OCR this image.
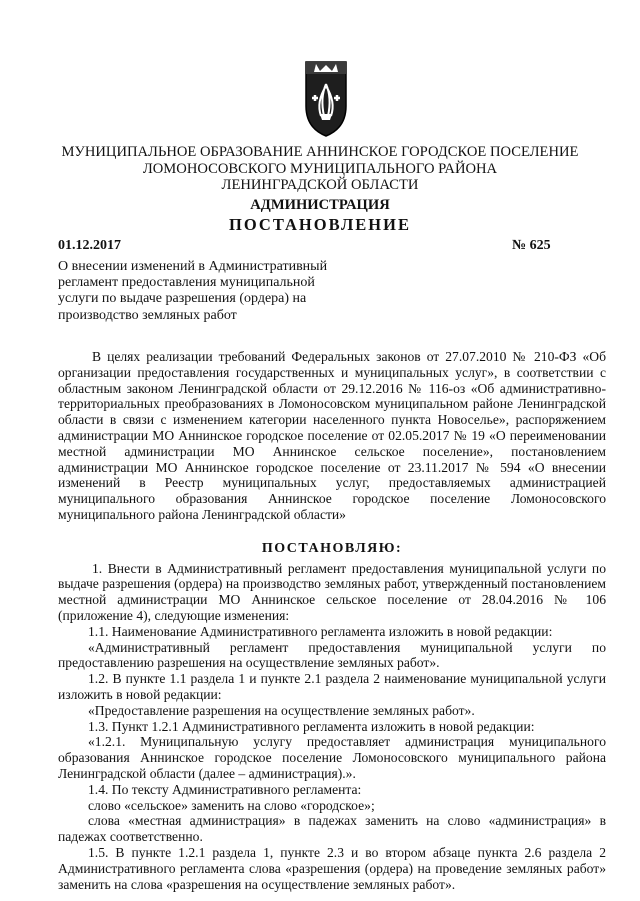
МУНИЦИПАЛЬНОЕ ОБРАЗОВАНИЕ АННИНСКОЕ ГОРОДСКОЕ ПОСЕЛЕНИЕ
ЛОМОНОСОВСКОГО МУНИЦИПАЛЬНОГО РАЙОНА
ЛЕНИНГРАДСКОЙ ОБЛАСТИ
АДМИНИСТРАЦИЯ
ПОСТАНОВЛЕНИЕ
01.12.2017	№ 625
О внесении изменений в Административный регламент предоставления муниципальной услуги по выдаче разрешения (ордера) на производство земляных работ

В целях реализации требований Федеральных законов от 27.07.2010 № 210-ФЗ «Об организации предоставления государственных и муниципальных услуг», в соответствии с областным законом Ленинградской области от 29.12.2016 № 116-оз «Об административно-территориальных преобразованиях в Ломоносовском муниципальном районе Ленинградской области в связи с изменением категории населенного пункта Новоселье», распоряжением администрации МО Аннинское городское поселение от 02.05.2017 № 19 «О переименовании местной администрации МО Аннинское сельское поселение», постановлением администрации МО Аннинское городское поселение от 23.11.2017 № 594 «О внесении изменений в Реестр муниципальных услуг, предоставляемых администрацией муниципального образования Аннинское городское поселение Ломоносовского муниципального района Ленинградской области»

ПОСТАНОВЛЯЮ:

1. Внести в Административный регламент предоставления муниципальной услуги по выдаче разрешения (ордера) на производство земляных работ, утвержденный постановлением местной администрации МО Аннинское сельское поселение от 28.04.2016 № 106 (приложение 4), следующие изменения:

1.1. Наименование Административного регламента изложить в новой редакции:

«Административный регламент предоставления муниципальной услуги по предоставлению разрешения на осуществление земляных работ».

1.2. В пункте 1.1 раздела 1 и пункте 2.1 раздела 2 наименование муниципальной услуги изложить в новой редакции:

«Предоставление разрешения на осуществление земляных работ».

1.3. Пункт 1.2.1 Административного регламента изложить в новой редакции:

«1.2.1. Муниципальную услугу предоставляет администрация муниципального образования Аннинское городское поселение Ломоносовского муниципального района Ленинградской области (далее – администрация).».

1.4. По тексту Административного регламента:

слово «сельское» заменить на слово «городское»;

слова «местная администрация» в падежах заменить на слово «администрация» в падежах соответственно.

1.5. В пункте 1.2.1 раздела 1, пункте 2.3 и во втором абзаце пункта 2.6 раздела 2 Административного регламента слова «разрешения (ордера) на проведение земляных работ» заменить на слова «разрешения на осуществление земляных работ».
